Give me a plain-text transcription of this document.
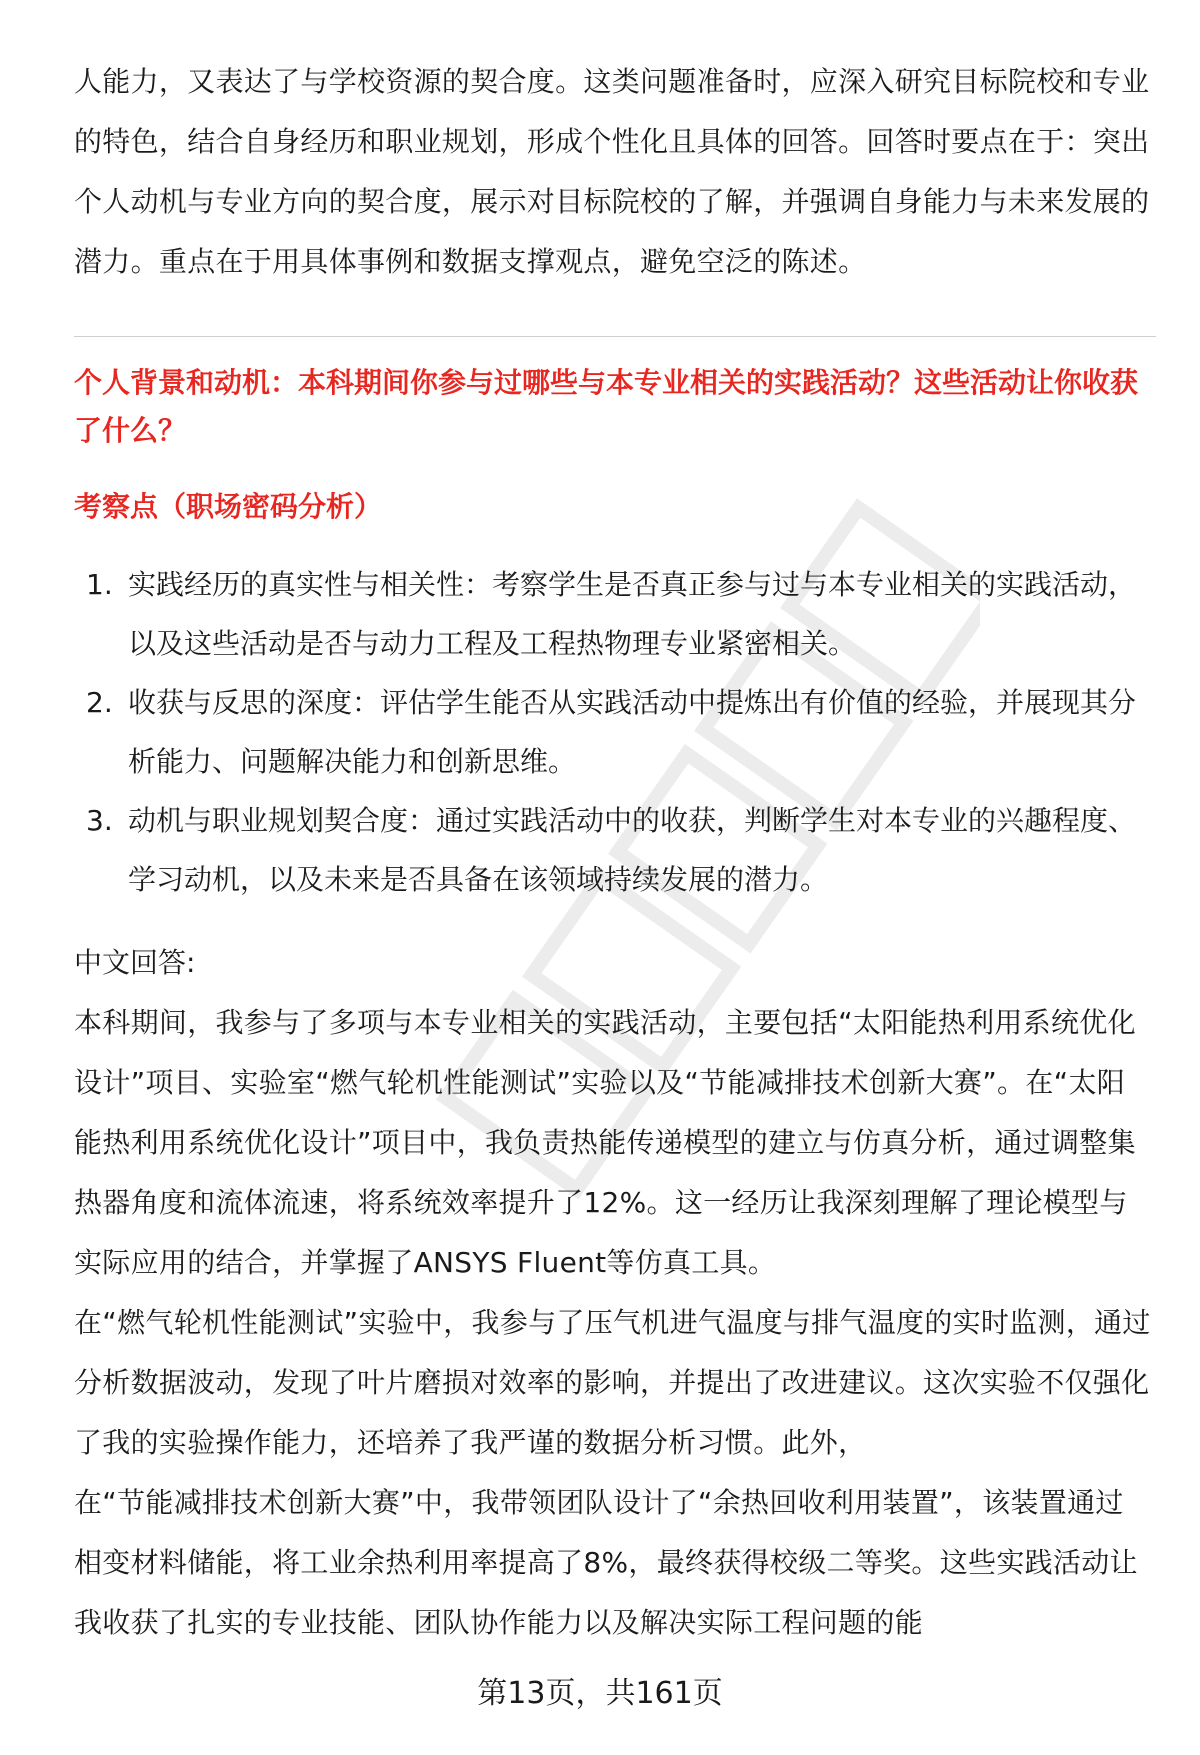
人能力，又表达了与学校资源的契合度。这类问题准备时，应深入研究目标院校和专业的特色，结合自身经历和职业规划，形成个性化且具体的回答。回答时要点在于：突出个人动机与专业方向的契合度，展示对目标院校的了解，并强调自身能力与未来发展的潜力。重点在于用具体事例和数据支撑观点，避免空泛的陈述。

个人背景和动机：本科期间你参与过哪些与本专业相关的实践活动？这些活动让你收获了什么？

考察点（职场密码分析）

1. 实践经历的真实性与相关性：考察学生是否真正参与过与本专业相关的实践活动，以及这些活动是否与动力工程及工程热物理专业紧密相关。
2. 收获与反思的深度：评估学生能否从实践活动中提炼出有价值的经验，并展现其分析能力、问题解决能力和创新思维。
3. 动机与职业规划契合度：通过实践活动中的收获，判断学生对本专业的兴趣程度、学习动机，以及未来是否具备在该领域持续发展的潜力。

中文回答:

本科期间，我参与了多项与本专业相关的实践活动，主要包括“太阳能热利用系统优化设计”项目、实验室“燃气轮机性能测试”实验以及“节能减排技术创新大赛”。在“太阳能热利用系统优化设计”项目中，我负责热能传递模型的建立与仿真分析，通过调整集热器角度和流体流速，将系统效率提升了12%。这一经历让我深刻理解了理论模型与实际应用的结合，并掌握了ANSYS Fluent等仿真工具。

在“燃气轮机性能测试”实验中，我参与了压气机进气温度与排气温度的实时监测，通过分析数据波动，发现了叶片磨损对效率的影响，并提出了改进建议。这次实验不仅强化了我的实验操作能力，还培养了我严谨的数据分析习惯。此外，

在“节能减排技术创新大赛”中，我带领团队设计了“余热回收利用装置”，该装置通过相变材料储能，将工业余热利用率提高了8%，最终获得校级二等奖。这些实践活动让我收获了扎实的专业技能、团队协作能力以及解决实际工程问题的能

第13页，共161页
